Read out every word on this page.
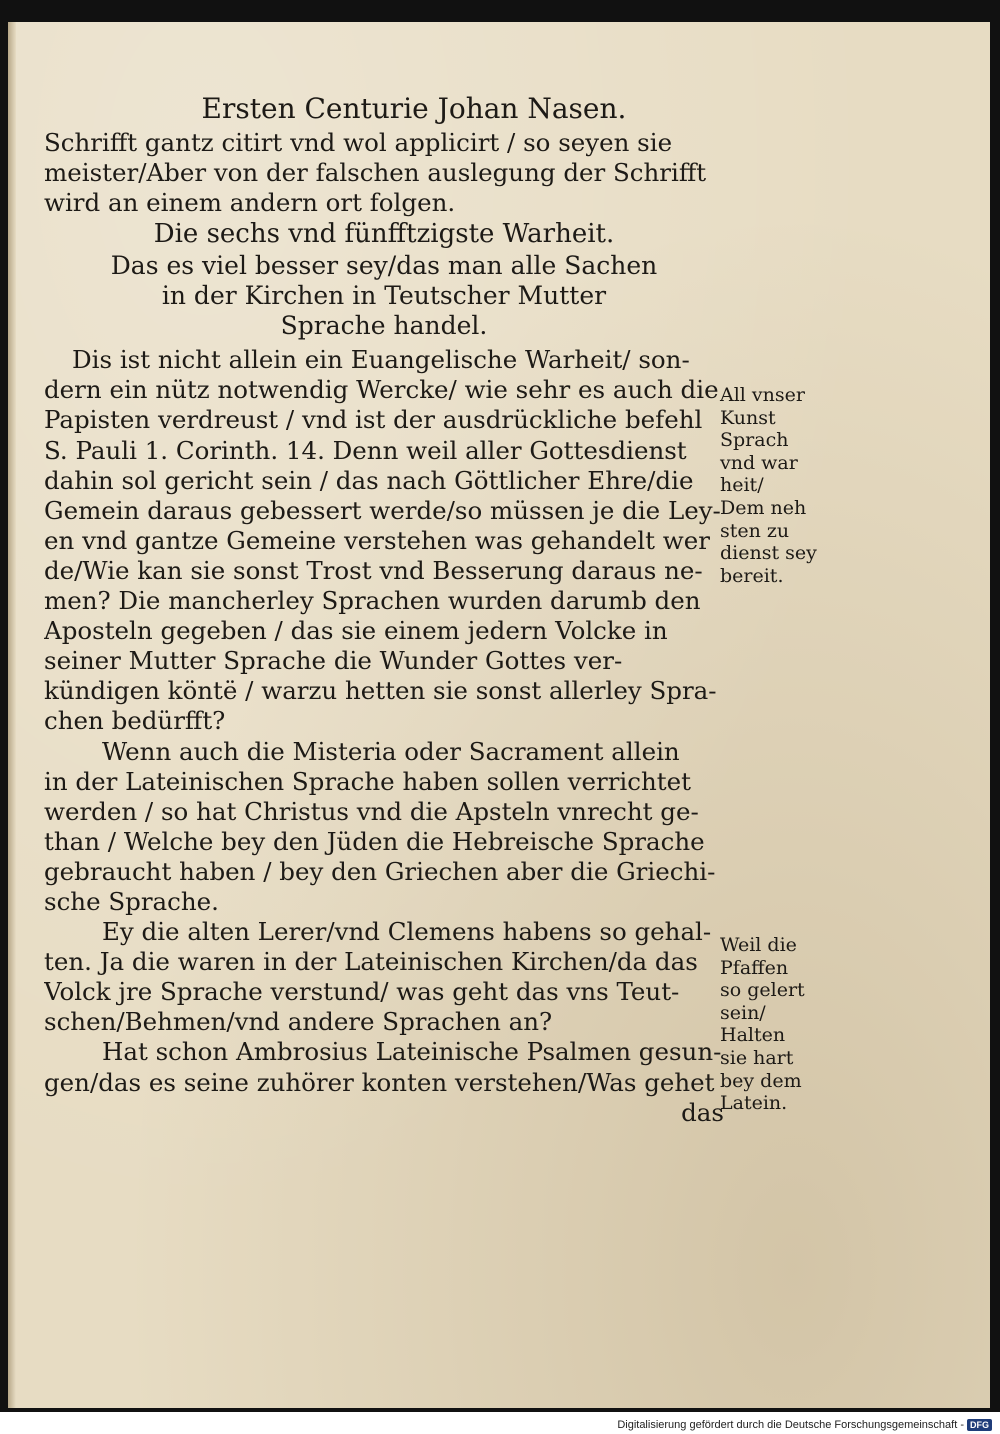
Ersten Centurie Johan Nasen.
Schrifft gantz citirt vnd wol applicirt / so seyen sie
meister/Aber von der falschen auslegung der Schrifft
wird an einem andern ort folgen.
Die sechs vnd fünfftzigste Warheit.
Das es viel besser sey/das man alle Sachen
in der Kirchen in Teutscher Mutter
Sprache handel.
Dis ist nicht allein ein Euangelische Warheit/ son-
dern ein nütz notwendig Wercke/ wie sehr es auch die
Papisten verdreust / vnd ist der ausdrückliche befehl
S. Pauli 1. Corinth. 14. Denn weil aller Gottesdienst
dahin sol gericht sein / das nach Göttlicher Ehre/die
Gemein daraus gebessert werde/so müssen je die Ley-
en vnd gantze Gemeine verstehen was gehandelt wer
de/Wie kan sie sonst Trost vnd Besserung daraus ne-
men? Die mancherley Sprachen wurden darumb den
Aposteln gegeben / das sie einem jedern Volcke in
seiner Mutter Sprache die Wunder Gottes ver-
kündigen köntë / warzu hetten sie sonst allerley Spra-
chen bedürfft?
Wenn auch die Misteria oder Sacrament allein
in der Lateinischen Sprache haben sollen verrichtet
werden / so hat Christus vnd die Apsteln vnrecht ge-
than / Welche bey den Jüden die Hebreische Sprache
gebraucht haben / bey den Griechen aber die Griechi-
sche Sprache.
Ey die alten Lerer/vnd Clemens habens so gehal-
ten. Ja die waren in der Lateinischen Kirchen/da das
Volck jre Sprache verstund/ was geht das vns Teut-
schen/Behmen/vnd andere Sprachen an?
Hat schon Ambrosius Lateinische Psalmen gesun-
gen/das es seine zuhörer konten verstehen/Was gehet
das
All vnser
Kunst
Sprach
vnd war
heit/
Dem neh
sten zu
dienst sey
bereit.
Weil die
Pfaffen
so gelert
sein/
Halten
sie hart
bey dem
Latein.
Digitalisierung gefördert durch die Deutsche Forschungsgemeinschaft - DFG
